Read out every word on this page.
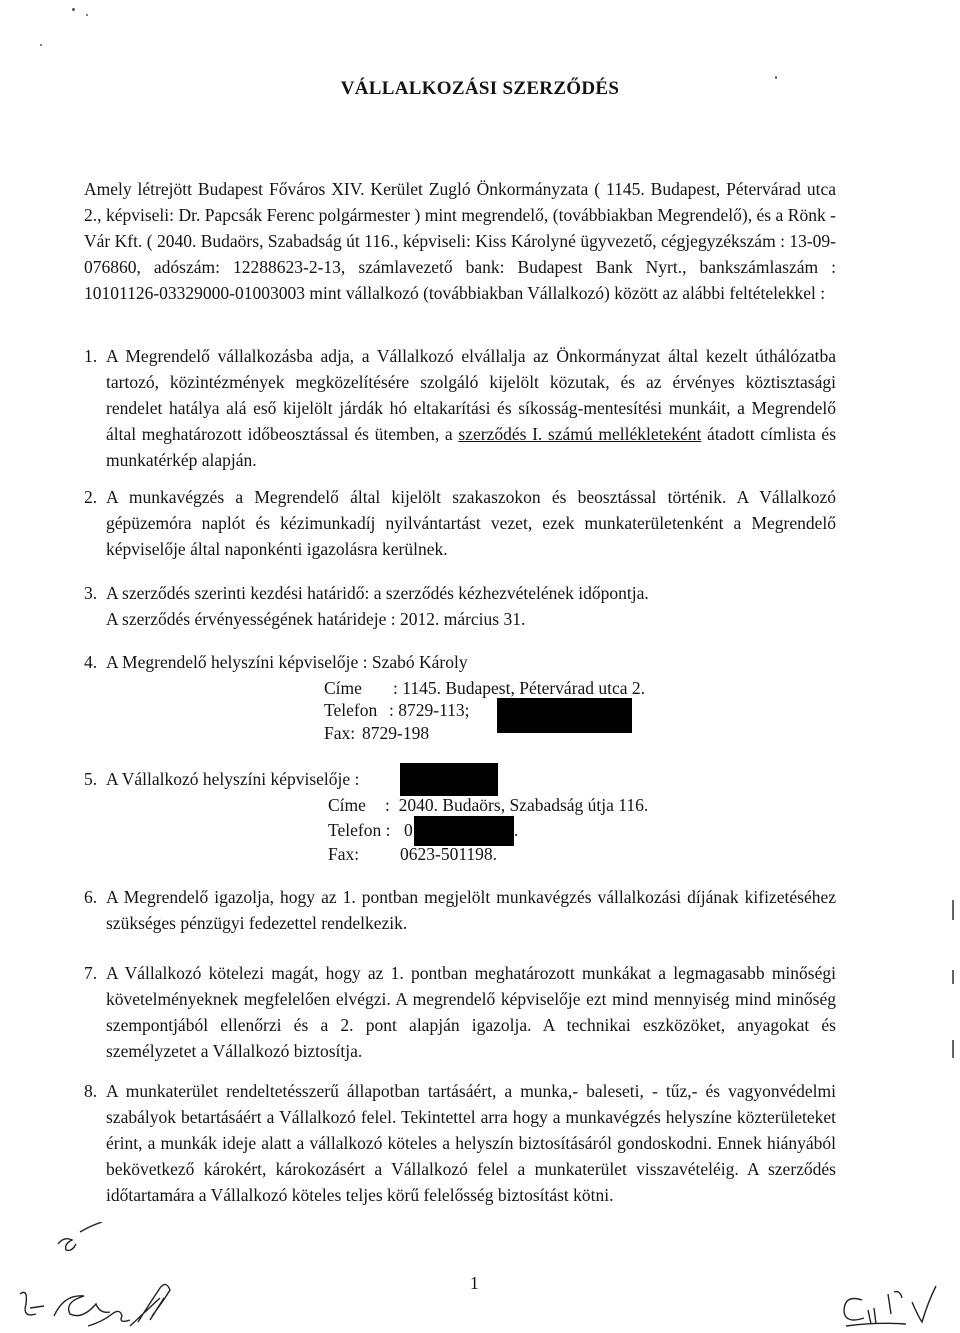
VÁLLALKOZÁSI SZERZŐDÉS
Amely létrejött Budapest Főváros XIV. Kerület Zugló Önkormányzata ( 1145. Budapest, Pétervárad utca 2., képviseli: Dr. Papcsák Ferenc polgármester ) mint megrendelő, (továbbiakban Megrendelő), és a Rönk - Vár Kft. ( 2040. Budaörs, Szabadság út 116., képviseli: Kiss Károlyné ügyvezető, cégjegyzékszám : 13-09-076860, adószám: 12288623-2-13, számlavezető bank: Budapest Bank Nyrt., bankszámlaszám : 10101126-03329000-01003003 mint vállalkozó (továbbiakban Vállalkozó) között az alábbi feltételekkel :
1. A Megrendelő vállalkozásba adja, a Vállalkozó elvállalja az Önkormányzat által kezelt úthálózatba tartozó, közintézmények megközelítésére szolgáló kijelölt közutak, és az érvényes köztisztasági rendelet hatálya alá eső kijelölt járdák hó eltakarítási és síkosság-mentesítési munkáit, a Megrendelő által meghatározott időbeosztással és ütemben, a szerződés I. számú mellékleteként átadott címlista és munkatérkép alapján.
2. A munkavégzés a Megrendelő által kijelölt szakaszokon és beosztással történik. A Vállalkozó gépüzemóra naplót és kézimunkadíj nyilvántartást vezet, ezek munkaterületenként a Megrendelő képviselője által naponkénti igazolásra kerülnek.
3. A szerződés szerinti kezdési határidő: a szerződés kézhezvételének időpontja.
A szerződés érvényességének határideje : 2012. március 31.
4. A Megrendelő helyszíni képviselője : Szabó Károly
Címe : 1145. Budapest, Pétervárad utca 2.
Telefon : 8729-113;
Fax: 8729-198
5. A Vállalkozó helyszíni képviselője :
Címe :  2040. Budaörs, Szabadság útja 116.
Telefon : 0	.
Fax: 0623-501198.
6. A Megrendelő igazolja, hogy az 1. pontban megjelölt munkavégzés vállalkozási díjának kifizetéséhez szükséges pénzügyi fedezettel rendelkezik.
7. A Vállalkozó kötelezi magát, hogy az 1. pontban meghatározott munkákat a legmagasabb minőségi követelményeknek megfelelően elvégzi. A megrendelő képviselője ezt mind mennyiség mind minőség szempontjából ellenőrzi és a 2. pont alapján igazolja. A technikai eszközöket, anyagokat és személyzetet a Vállalkozó biztosítja.
8. A munkaterület rendeltetésszerű állapotban tartásáért, a munka,- baleseti, - tűz,- és vagyonvédelmi szabályok betartásáért a Vállalkozó felel. Tekintettel arra hogy a munkavégzés helyszíne közterületeket érint, a munkák ideje alatt a vállalkozó köteles a helyszín biztosításáról gondoskodni. Ennek hiányából bekövetkező károkért, károkozásért a Vállalkozó felel a munkaterület visszavételéig. A szerződés időtartamára a Vállalkozó köteles teljes körű felelősség biztosítást kötni.
1
